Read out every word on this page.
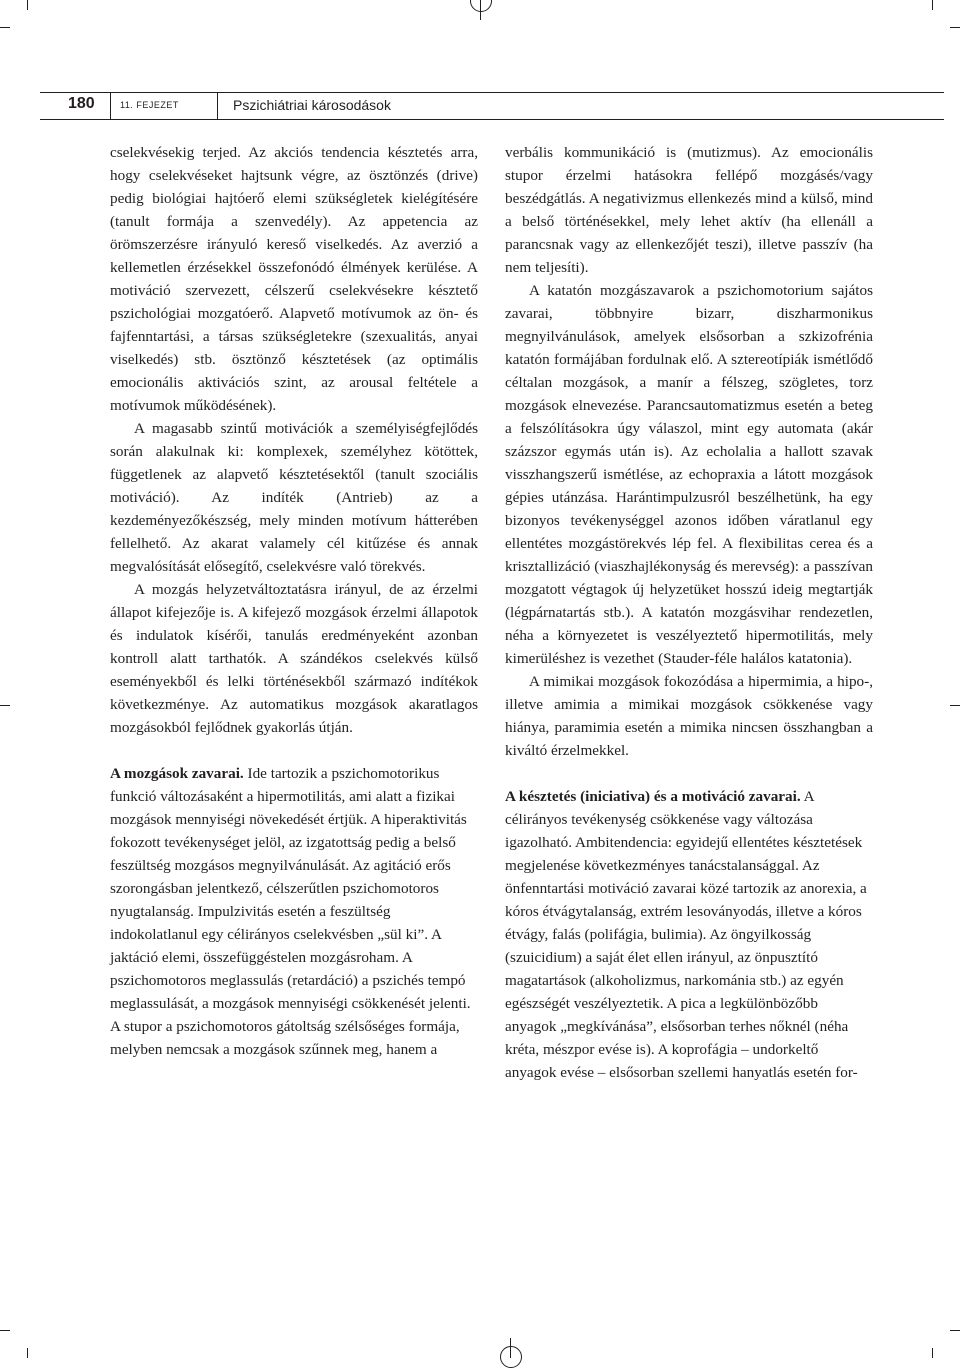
180	11. FEJEZET	Pszichiátriai károsodások

cselekvésekig terjed. Az akciós tendencia késztetés arra, hogy cselekvéseket hajtsunk végre, az ösztönzés (drive) pedig biológiai hajtóerő elemi szükségletek kielégítésére (tanult formája a szenvedély). Az appetencia az örömszerzésre irányuló kereső viselkedés. Az averzió a kellemetlen érzésekkel összefonódó élmények kerülése. A motiváció szervezett, célszerű cselekvésekre késztető pszichológiai mozgatóerő. Alapvető motívumok az ön- és fajfenntartási, a társas szükségletekre (szexualitás, anyai viselkedés) stb. ösztönző késztetések (az optimális emocionális aktivációs szint, az arousal feltétele a motívumok működésének).

A magasabb szintű motivációk a személyiségfejlődés során alakulnak ki: komplexek, személyhez kötöttek, függetlenek az alapvető késztetésektől (tanult szociális motiváció). Az indíték (Antrieb) az a kezdeményezőkészség, mely minden motívum hátterében fellelhető. Az akarat valamely cél kitűzése és annak megvalósítását elősegítő, cselekvésre való törekvés.

A mozgás helyzetváltoztatásra irányul, de az érzelmi állapot kifejezője is. A kifejező mozgások érzelmi állapotok és indulatok kísérői, tanulás eredményeként azonban kontroll alatt tarthatók. A szándékos cselekvés külső eseményekből és lelki történésekből származó indítékok következménye. Az automatikus mozgások akaratlagos mozgásokból fejlődnek gyakorlás útján.

A mozgások zavarai. Ide tartozik a pszichomotorikus funkció változásaként a hipermotilitás, ami alatt a fizikai mozgások mennyiségi növekedését értjük. A hiperaktivitás fokozott tevékenységet jelöl, az izgatottság pedig a belső feszültség mozgásos megnyilvánulását. Az agitáció erős szorongásban jelentkező, célszerűtlen pszichomotoros nyugtalanság. Impulzivitás esetén a feszültség indokolatlanul egy célirányos cselekvésben „sül ki”. A jaktáció elemi, összefüggéstelen mozgásroham. A pszichomotoros meglassulás (retardáció) a pszichés tempó meglassulását, a mozgások mennyiségi csökkenését jelenti. A stupor a pszichomotoros gátoltság szélsőséges formája, melyben nemcsak a mozgások szűnnek meg, hanem a

verbális kommunikáció is (mutizmus). Az emocionális stupor érzelmi hatásokra fellépő mozgásés/vagy beszédgátlás. A negativizmus ellenkezés mind a külső, mind a belső történésekkel, mely lehet aktív (ha ellenáll a parancsnak vagy az ellenkezőjét teszi), illetve passzív (ha nem teljesíti).

A katatón mozgászavarok a pszichomotorium sajátos zavarai, többnyire bizarr, diszharmonikus megnyilvánulások, amelyek elsősorban a szkizofrénia katatón formájában fordulnak elő. A sztereotípiák ismétlődő céltalan mozgások, a manír a félszeg, szögletes, torz mozgások elnevezése. Parancsautomatizmus esetén a beteg a felszólításokra úgy válaszol, mint egy automata (akár százszor egymás után is). Az echolalia a hallott szavak visszhangszerű ismétlése, az echopraxia a látott mozgások gépies utánzása. Harántimpulzusról beszélhetünk, ha egy bizonyos tevékenységgel azonos időben váratlanul egy ellentétes mozgástörekvés lép fel. A flexibilitas cerea és a krisztallizáció (viaszhajlékonyság és merevség): a passzívan mozgatott végtagok új helyzetüket hosszú ideig megtartják (légpárnatartás stb.). A katatón mozgásvihar rendezetlen, néha a környezetet is veszélyeztető hipermotilitás, mely kimerüléshez is vezethet (Stauder-féle halálos katatonia).

A mimikai mozgások fokozódása a hipermimia, a hipo-, illetve amimia a mimikai mozgások csökkenése vagy hiánya, paramimia esetén a mimika nincsen összhangban a kiváltó érzelmekkel.

A késztetés (iniciativa) és a motiváció zavarai. A célirányos tevékenység csökkenése vagy változása igazolható. Ambitendencia: egyidejű ellentétes késztetések megjelenése következményes tanácstalansággal. Az önfenntartási motiváció zavarai közé tartozik az anorexia, a kóros étvágytalanság, extrém lesoványodás, illetve a kóros étvágy, falás (polifágia, bulimia). Az öngyilkosság (szuicidium) a saját élet ellen irányul, az önpusztító magatartások (alkoholizmus, narkománia stb.) az egyén egészségét veszélyeztetik. A pica a legkülönbözőbb anyagok „megkívánása”, elsősorban terhes nőknél (néha kréta, mészpor evése is). A koprofágia – undorkeltő anyagok evése – elsősorban szellemi hanyatlás esetén for-
